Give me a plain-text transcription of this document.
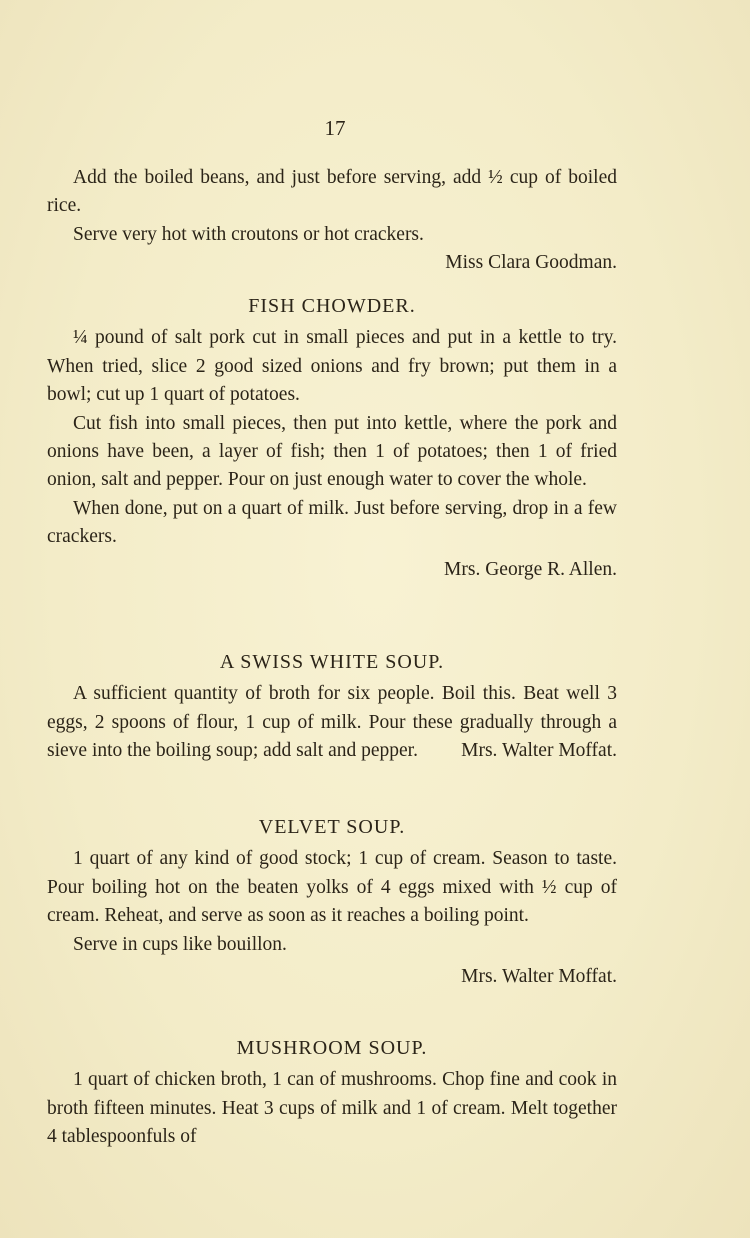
17

Add the boiled beans, and just before serving, add ½ cup of boiled rice.

Serve very hot with croutons or hot crackers.

Miss Clara Goodman.

FISH CHOWDER.

¼ pound of salt pork cut in small pieces and put in a kettle to try. When tried, slice 2 good sized onions and fry brown; put them in a bowl; cut up 1 quart of potatoes.

Cut fish into small pieces, then put into kettle, where the pork and onions have been, a layer of fish; then 1 of potatoes; then 1 of fried onion, salt and pepper. Pour on just enough water to cover the whole.

When done, put on a quart of milk. Just before serving, drop in a few crackers.

Mrs. George R. Allen.

A SWISS WHITE SOUP.

A sufficient quantity of broth for six people. Boil this. Beat well 3 eggs, 2 spoons of flour, 1 cup of milk. Pour these gradually through a sieve into the boiling soup; add salt and pepper.	Mrs. Walter Moffat.

VELVET SOUP.

1 quart of any kind of good stock; 1 cup of cream. Season to taste. Pour boiling hot on the beaten yolks of 4 eggs mixed with ½ cup of cream. Reheat, and serve as soon as it reaches a boiling point.

Serve in cups like bouillon.

Mrs. Walter Moffat.

MUSHROOM SOUP.

1 quart of chicken broth, 1 can of mushrooms. Chop fine and cook in broth fifteen minutes. Heat 3 cups of milk and 1 of cream. Melt together 4 tablespoonfuls of
